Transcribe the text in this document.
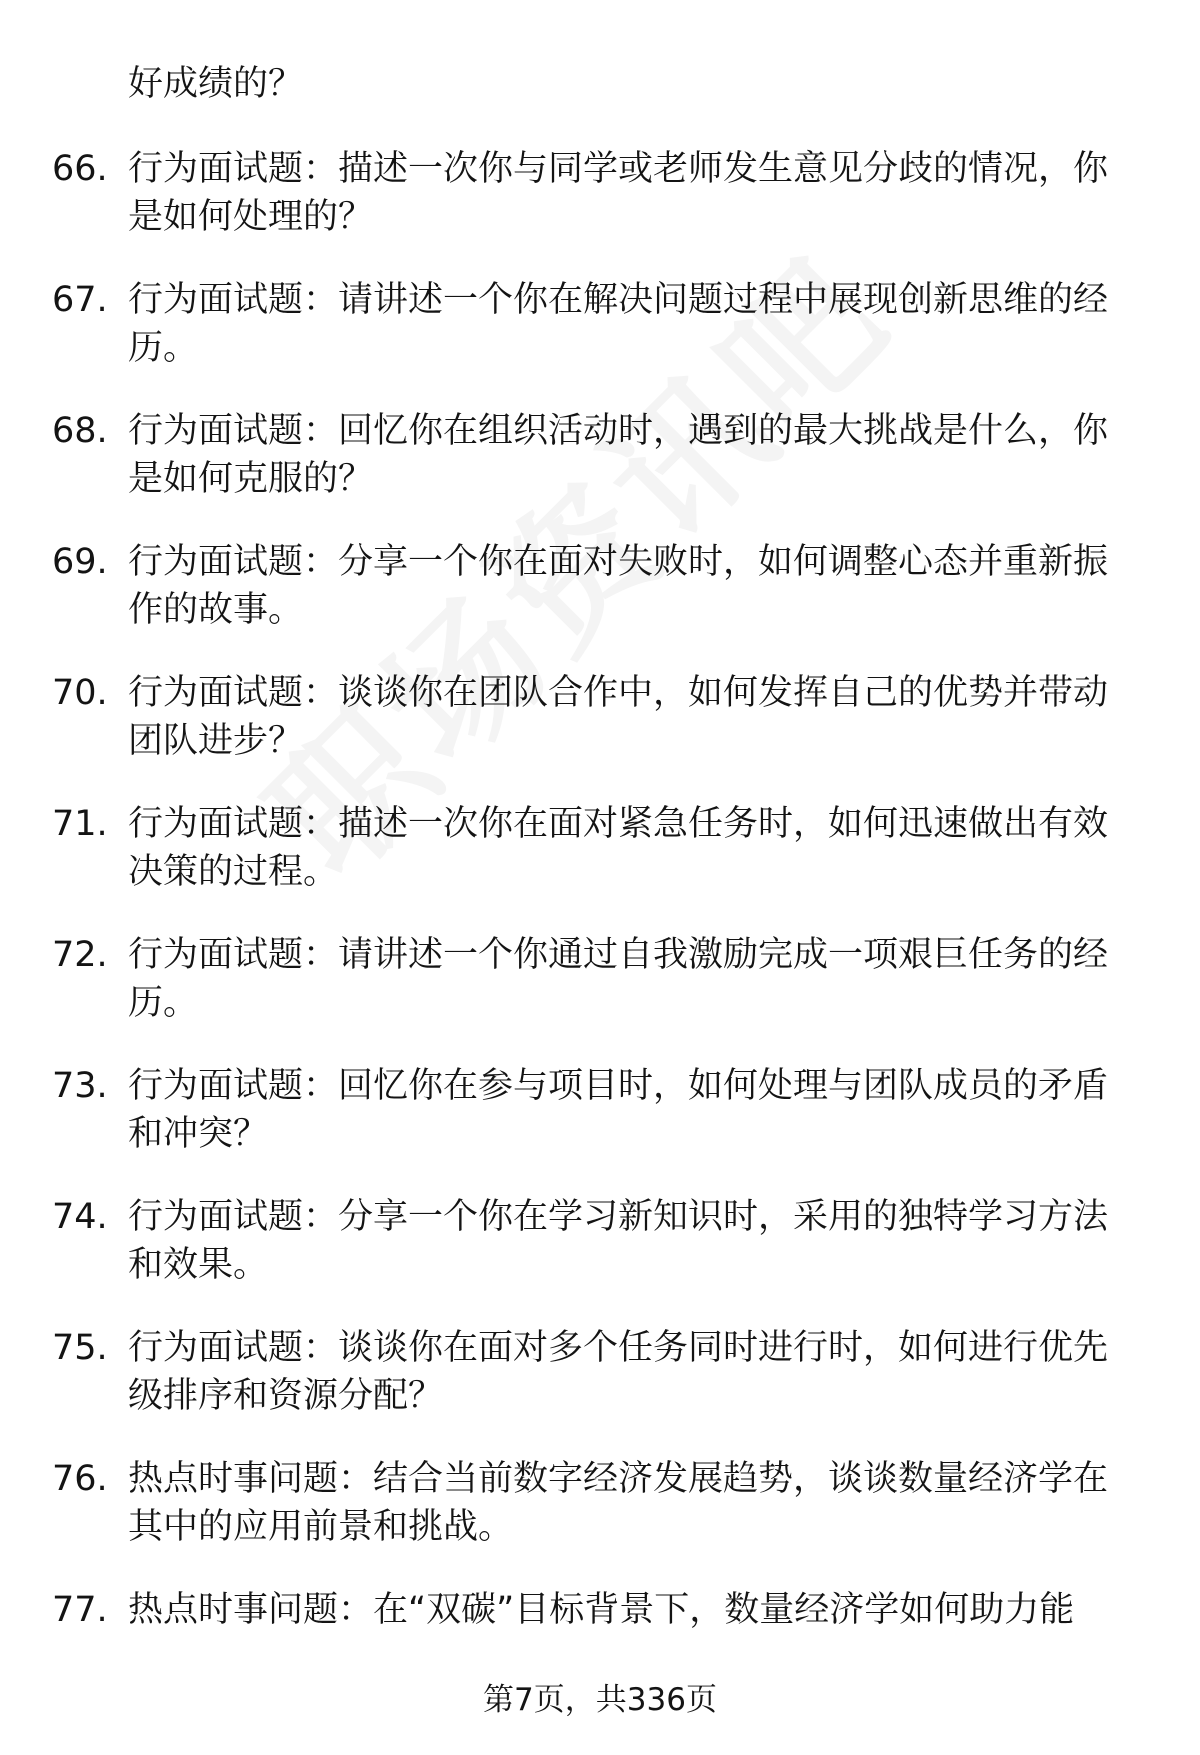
好成绩的？
66. 行为面试题：描述一次你与同学或老师发生意见分歧的情况，你
是如何处理的？
67. 行为面试题：请讲述一个你在解决问题过程中展现创新思维的经
历。
68. 行为面试题：回忆你在组织活动时，遇到的最大挑战是什么，你
是如何克服的？
69. 行为面试题：分享一个你在面对失败时，如何调整心态并重新振
作的故事。
70. 行为面试题：谈谈你在团队合作中，如何发挥自己的优势并带动
团队进步？
71. 行为面试题：描述一次你在面对紧急任务时，如何迅速做出有效
决策的过程。
72. 行为面试题：请讲述一个你通过自我激励完成一项艰巨任务的经
历。
73. 行为面试题：回忆你在参与项目时，如何处理与团队成员的矛盾
和冲突？
74. 行为面试题：分享一个你在学习新知识时，采用的独特学习方法
和效果。
75. 行为面试题：谈谈你在面对多个任务同时进行时，如何进行优先
级排序和资源分配？
76. 热点时事问题：结合当前数字经济发展趋势，谈谈数量经济学在
其中的应用前景和挑战。
77. 热点时事问题：在“双碳”目标背景下，数量经济学如何助力能
第7页，共336页
